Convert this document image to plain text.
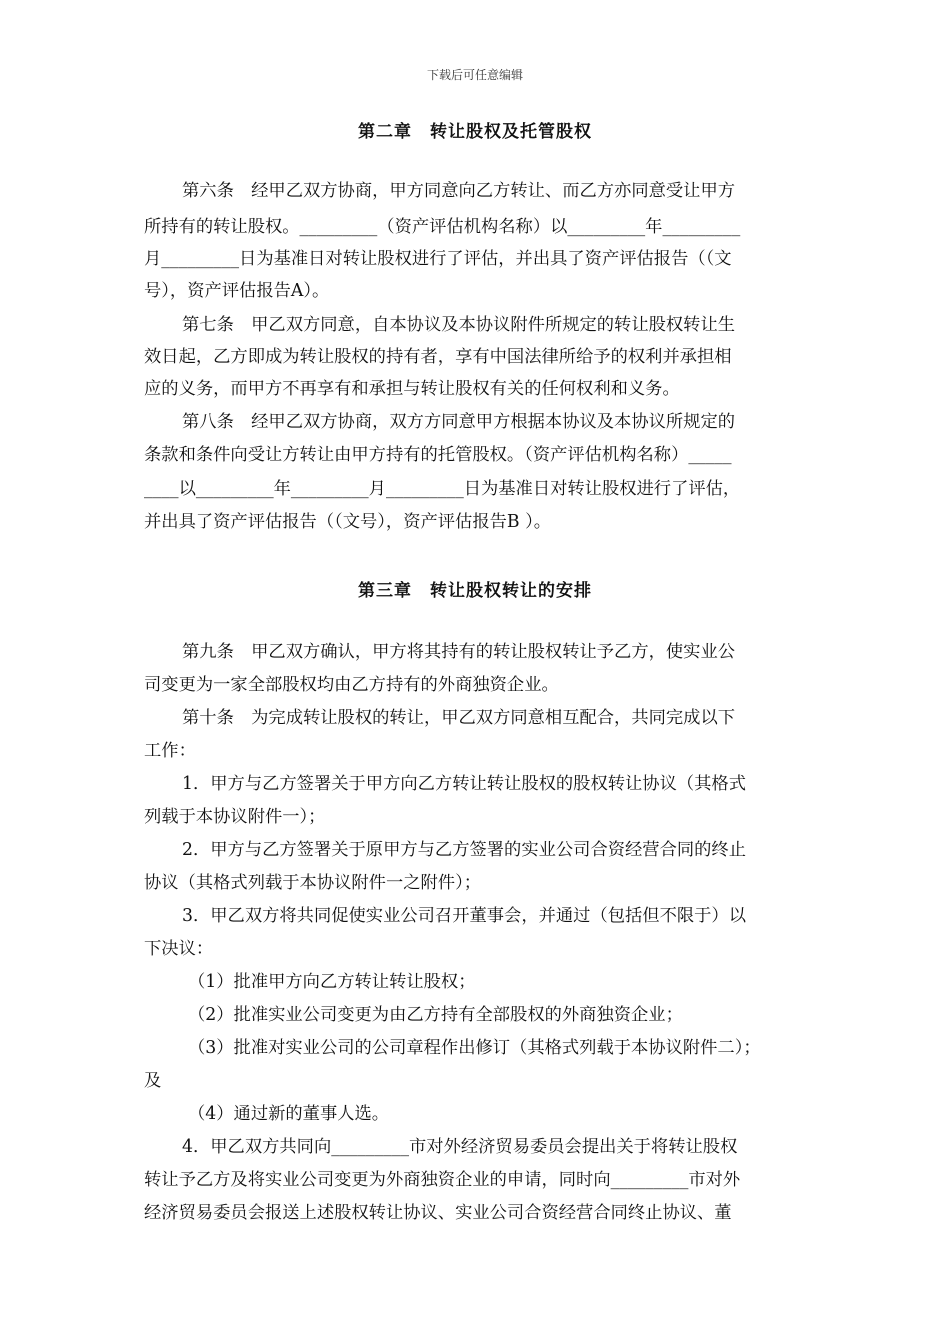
下载后可任意编辑
第二章　转让股权及托管股权
第六条　经甲乙双方协商，甲方同意向乙方转让、而乙方亦同意受让甲方
所持有的转让股权。_________（资产评估机构名称）以_________年_________
月_________日为基准日对转让股权进行了评估，并出具了资产评估报告（（文
号），资产评估报告A）。
第七条　甲乙双方同意，自本协议及本协议附件所规定的转让股权转让生
效日起，乙方即成为转让股权的持有者，享有中国法律所给予的权利并承担相
应的义务，而甲方不再享有和承担与转让股权有关的任何权利和义务。
第八条　经甲乙双方协商，双方方同意甲方根据本协议及本协议所规定的
条款和条件向受让方转让由甲方持有的托管股权。（资产评估机构名称）_____
____以_________年_________月_________日为基准日对转让股权进行了评估，
并出具了资产评估报告（（文号），资产评估报告B ）。
第三章　转让股权转让的安排
第九条　甲乙双方确认，甲方将其持有的转让股权转让予乙方，使实业公
司变更为一家全部股权均由乙方持有的外商独资企业。
第十条　为完成转让股权的转让，甲乙双方同意相互配合，共同完成以下
工作：
1．甲方与乙方签署关于甲方向乙方转让转让股权的股权转让协议（其格式
列载于本协议附件一）；
2．甲方与乙方签署关于原甲方与乙方签署的实业公司合资经营合同的终止
协议（其格式列载于本协议附件一之附件）；
3．甲乙双方将共同促使实业公司召开董事会，并通过（包括但不限于）以
下决议：
（1）批准甲方向乙方转让转让股权；
（2）批准实业公司变更为由乙方持有全部股权的外商独资企业；
（3）批准对实业公司的公司章程作出修订（其格式列载于本协议附件二）；
及
（4）通过新的董事人选。
4．甲乙双方共同向_________市对外经济贸易委员会提出关于将转让股权
转让予乙方及将实业公司变更为外商独资企业的申请，同时向_________市对外
经济贸易委员会报送上述股权转让协议、实业公司合资经营合同终止协议、董
